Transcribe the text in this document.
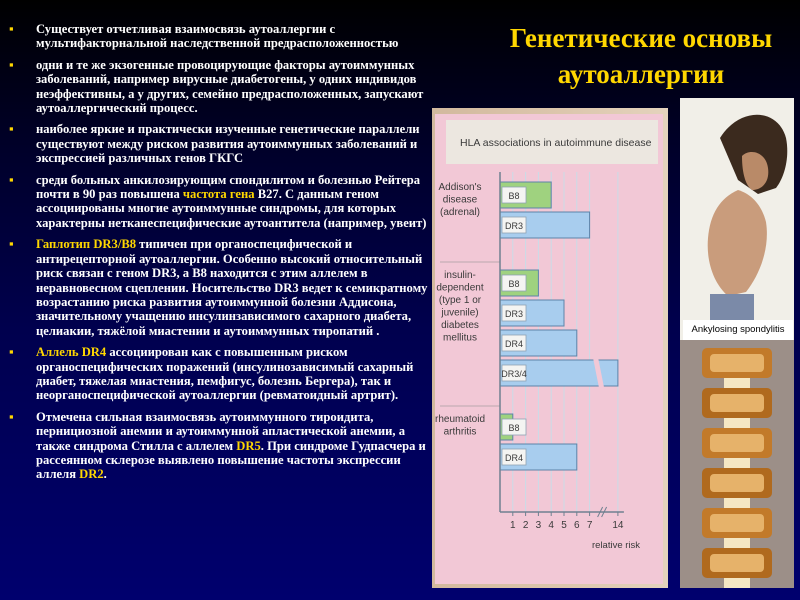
▪ Существует отчетливая взаимосвязь аутоаллергии с мультифакторнальной наследственной предрасположенностью
▪ одни и те же экзогенные провоцирующие факторы аутоиммунных заболеваний, например вирусные диабетогены, у одних индивидов неэффективны, а у других, семейно предрасположенных, запускают аутоаллергический процесс.
▪ наиболее яркие и практически изученные генетические параллели существуют между риском развития аутоиммунных заболеваний и экспрессией различных генов ГКГС
▪ среди больных анкилозирующим спондилитом и болезнью Рейтера почти в 90 раз повышена частота гена B27. С данным геном ассоциированы многие аутоиммунные синдромы, для которых характерны нетканеспецифические аутоантитела (например, увеит)
▪ Гаплотип DR3/B8 типичен при органоспецифической и антирецепторной аутоаллергии. Особенно высокий относительный риск связан с геном DR3, а B8 находится с этим аллелем в неравновесном сцеплении. Носительство DR3 ведет к семикратному возрастанию риска развития аутоиммунной болезни Аддисона, значительному учащению инсулинзависимого сахарного диабета, целиакии, тяжёлой миастении и аутоиммунных тиропатий .
▪ Аллель DR4 ассоциирован как с повышенным риском органоспецифических поражений (инсулинозависимый сахарный диабет, тяжелая миастения, пемфигус, болезнь Бергера), так и неорганоспецифической аутоаллергии (ревматоидный артрит).
▪ Отмечена сильная взаимосвязь аутоиммунного тироидита, пернициозной анемии и аутоиммунной апластической анемии, а также синдрома Стилла с аллелем DR5. При синдроме Гудпасчера и рассеянном склерозе выявлено повышение частоты экспрессии аллеля DR2.
Генетические основы
аутоаллергии
HLA associations in autoimmune disease
B8
DR3
B8
DR3
DR4
DR3/4
B8
DR4
Addison's
disease
(adrenal)
insulin-
dependent
(type 1 or
juvenile)
diabetes
mellitus
rheumatoid
arthritis
1 2 3 4 5 6 7 14
relative risk
Ankylosing spondylitis
